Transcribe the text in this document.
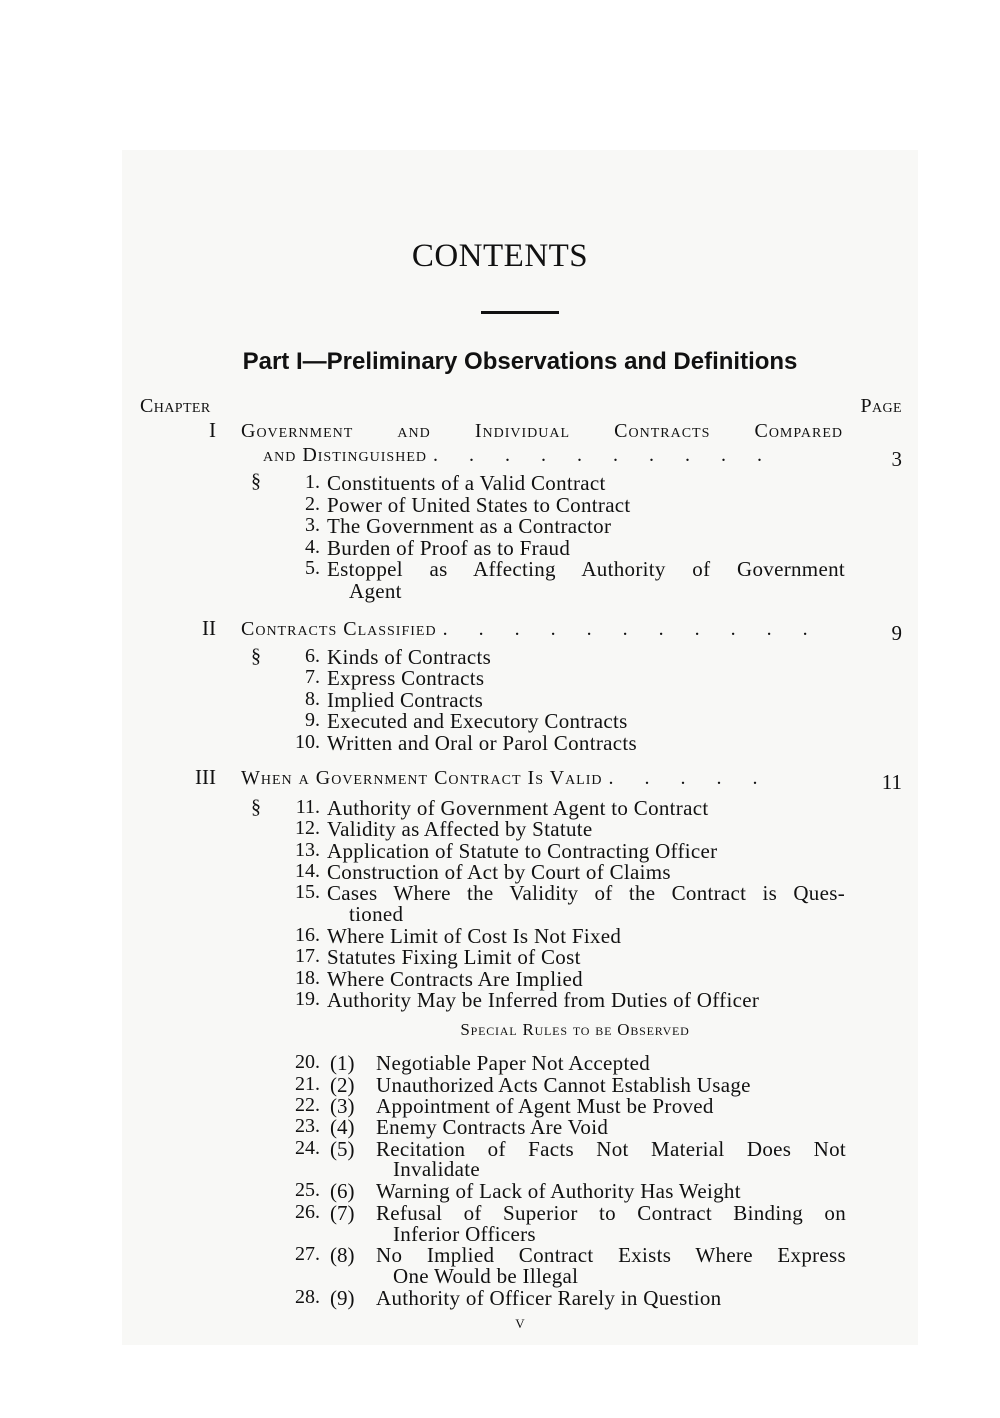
CONTENTS
Part I—Preliminary Observations and Definitions
Chapter	Page
I Government and Individual Contracts Compared
and Distinguished . . . . . . . . . .	3
§	1. Constituents of a Valid Contract
2. Power of United States to Contract
3. The Government as a Contractor
4. Burden of Proof as to Fraud
5. Estoppel as Affecting Authority of Government
Agent
II Contracts Classified . . . . . . . . . . .	9
§	6. Kinds of Contracts
7. Express Contracts
8. Implied Contracts
9. Executed and Executory Contracts
10. Written and Oral or Parol Contracts
III When a Government Contract Is Valid . . . . .	11
§	11. Authority of Government Agent to Contract
12. Validity as Affected by Statute
13. Application of Statute to Contracting Officer
14. Construction of Act by Court of Claims
15. Cases Where the Validity of the Contract is Ques-
tioned
16. Where Limit of Cost Is Not Fixed
17. Statutes Fixing Limit of Cost
18. Where Contracts Are Implied
19. Authority May be Inferred from Duties of Officer
Special Rules to be Observed
20. (1) Negotiable Paper Not Accepted
21. (2) Unauthorized Acts Cannot Establish Usage
22. (3) Appointment of Agent Must be Proved
23. (4) Enemy Contracts Are Void
24. (5) Recitation of Facts Not Material Does Not
Invalidate
25. (6) Warning of Lack of Authority Has Weight
26. (7) Refusal of Superior to Contract Binding on
Inferior Officers
27. (8) No Implied Contract Exists Where Express
One Would be Illegal
28. (9) Authority of Officer Rarely in Question
v
